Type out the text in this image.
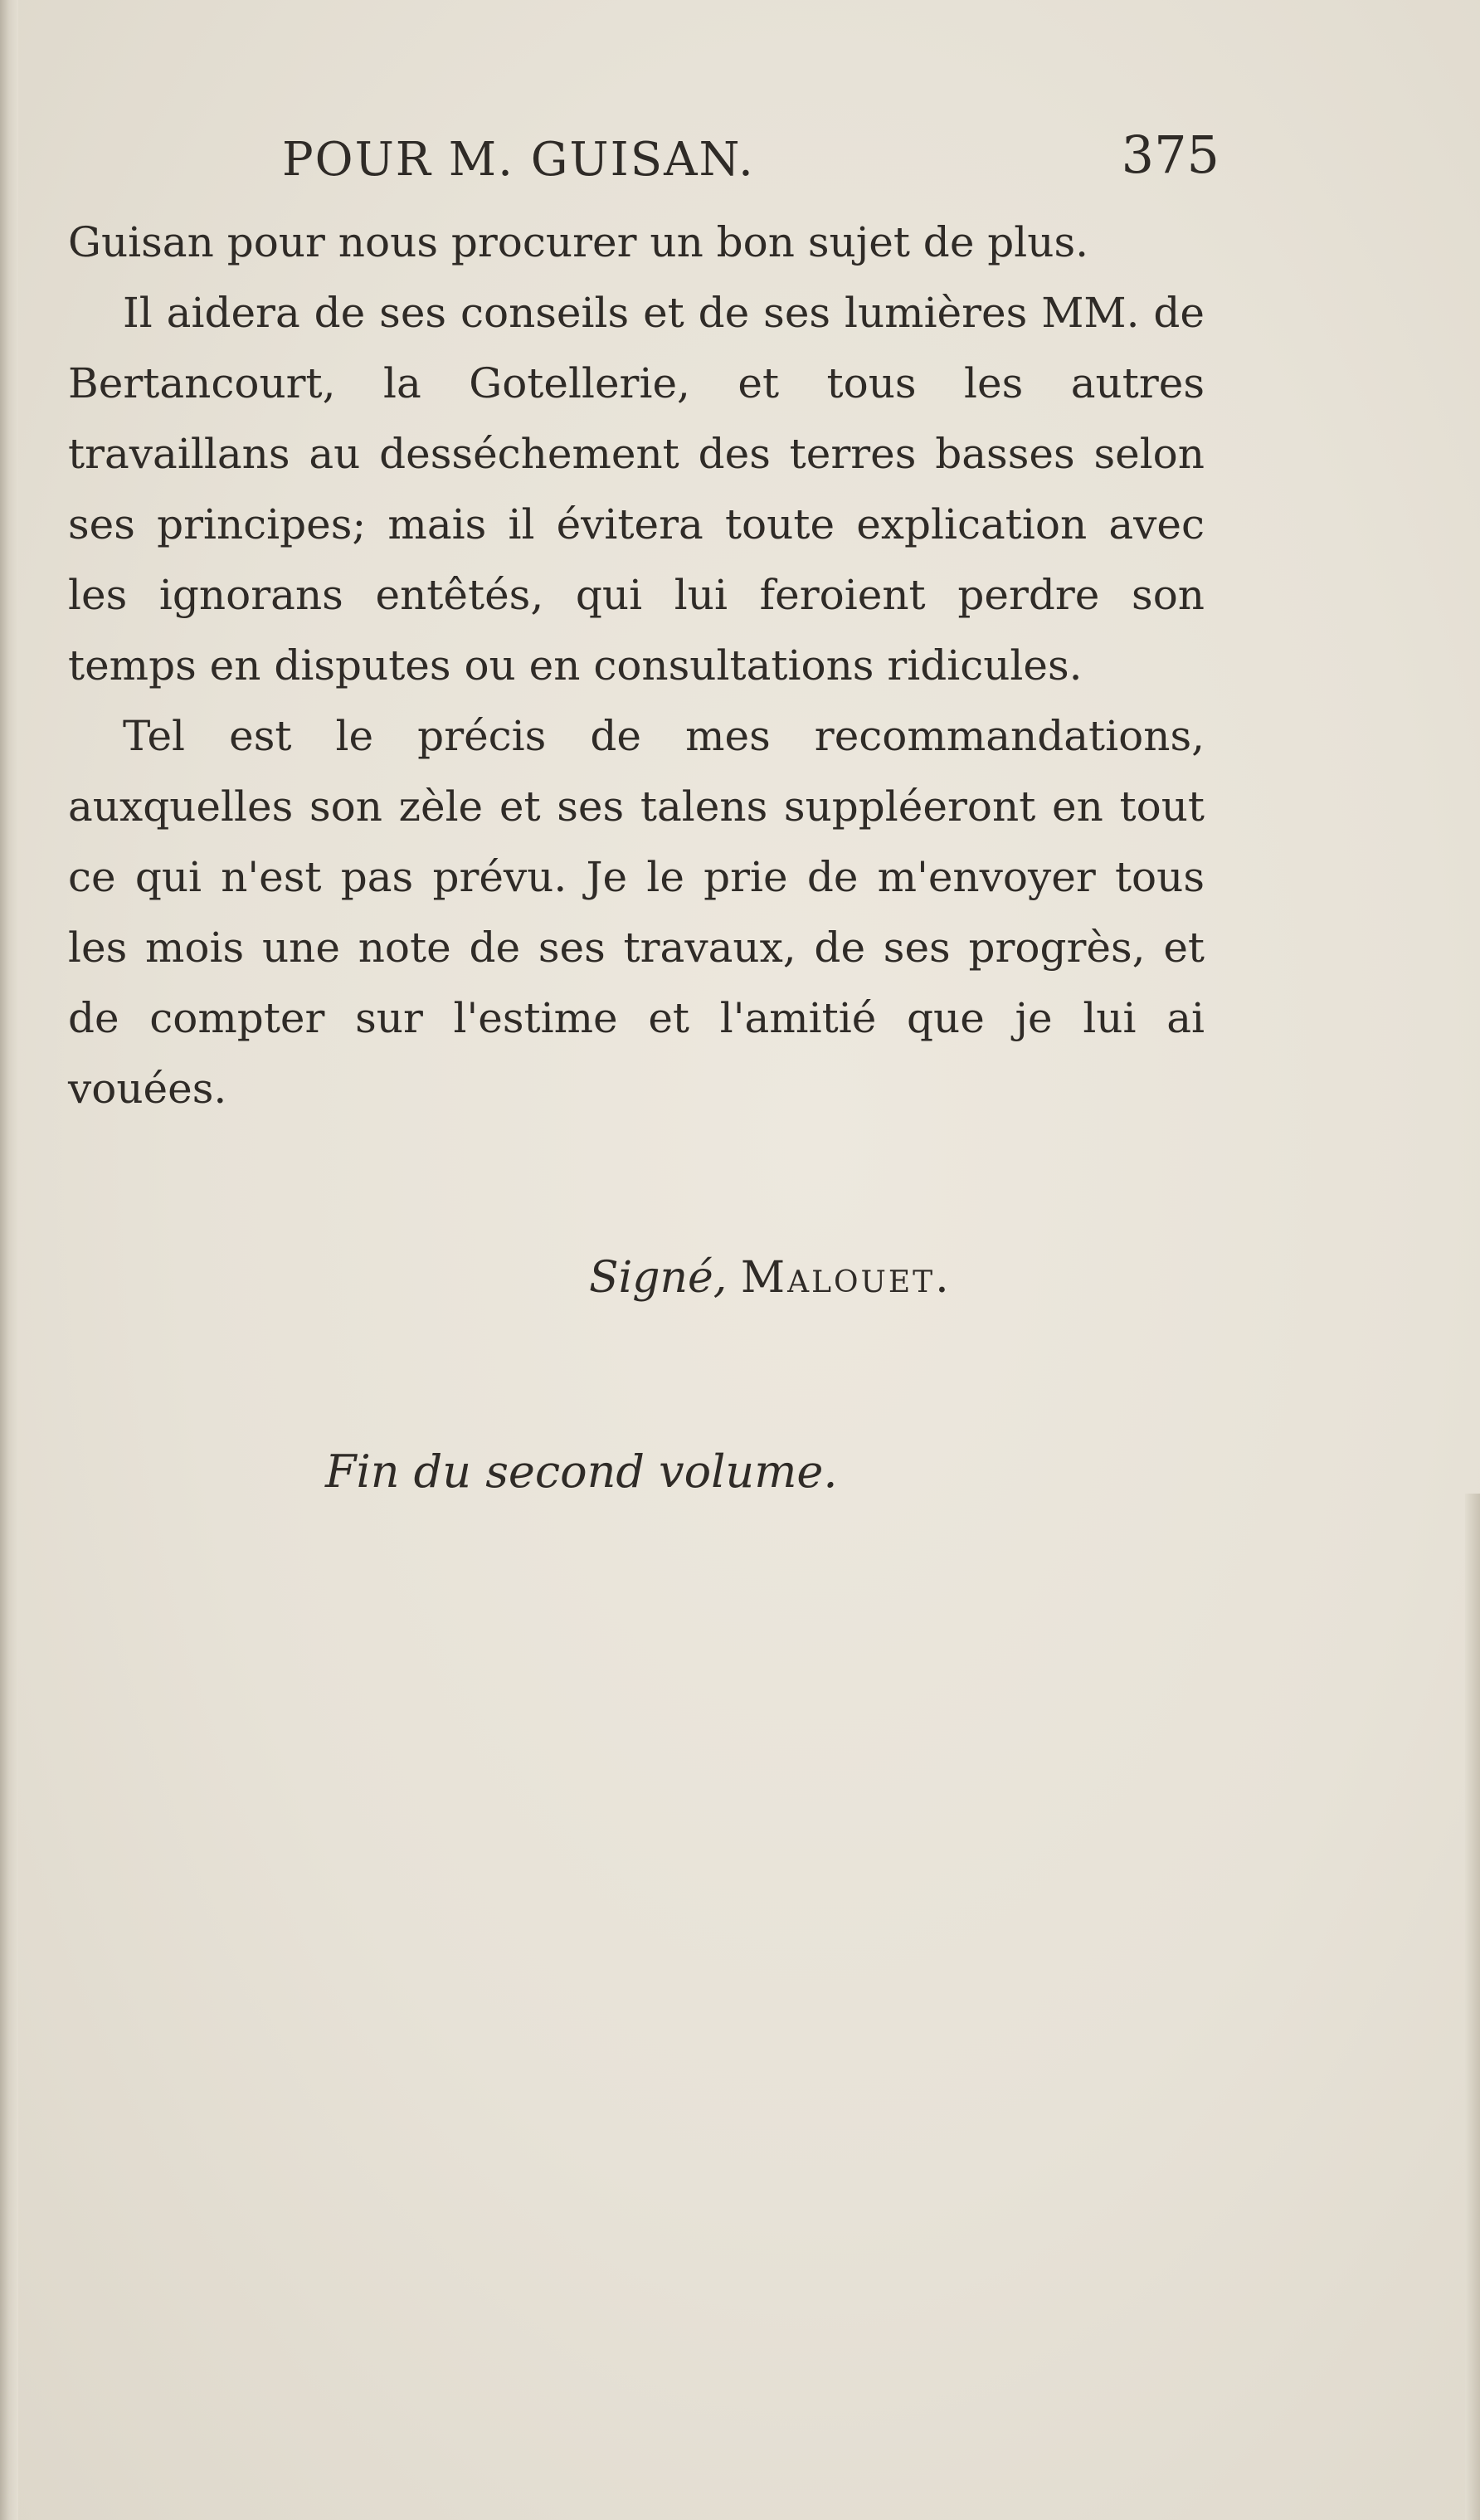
POUR M. GUISAN.	375

Guisan pour nous procurer un bon sujet de plus.

Il aidera de ses conseils et de ses lumières MM. de Bertancourt, la Gotellerie, et tous les autres travaillans au desséchement des terres basses selon ses principes; mais il évitera toute explication avec les ignorans entêtés, qui lui feroient perdre son temps en disputes ou en consultations ridicules.

Tel est le précis de mes recommandations, auxquelles son zèle et ses talens suppléeront en tout ce qui n'est pas prévu. Je le prie de m'envoyer tous les mois une note de ses travaux, de ses progrès, et de compter sur l'estime et l'amitié que je lui ai vouées.

Signé, Malouet.
Fin du second volume.
